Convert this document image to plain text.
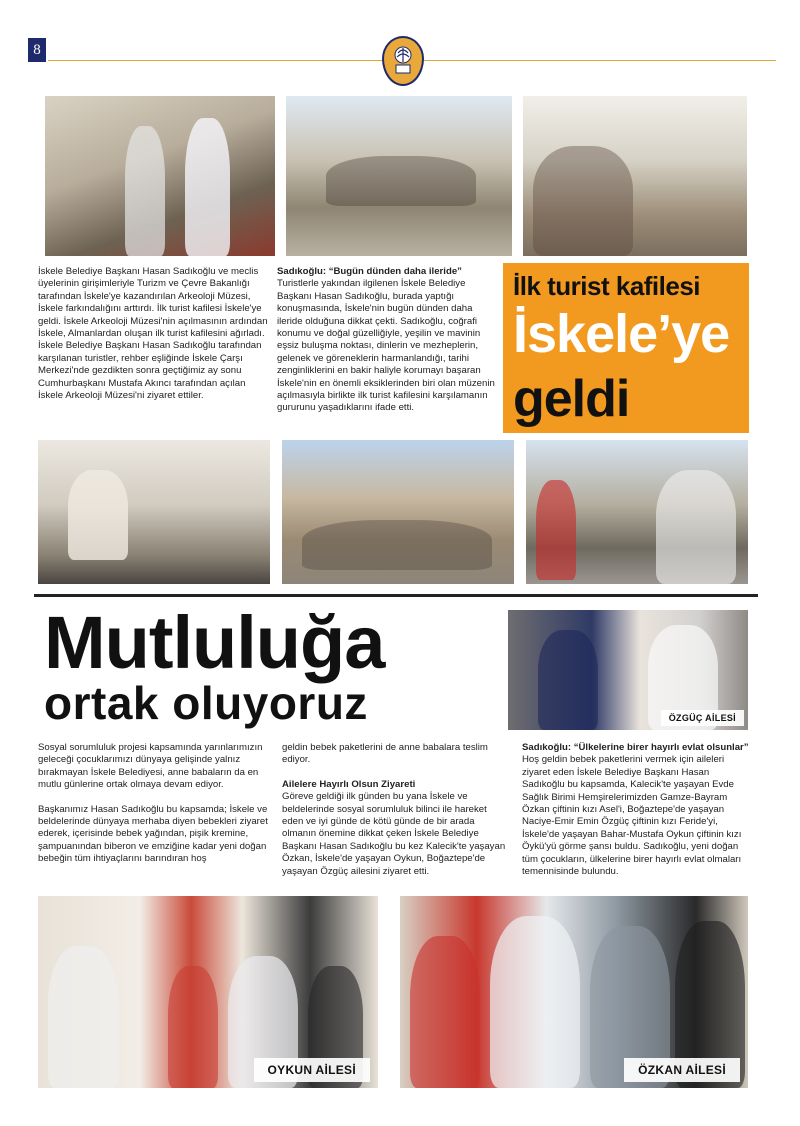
8
İskele Belediye Başkanı Hasan Sadıkoğlu ve meclis üyelerinin girişimleriyle Turizm ve Çevre Bakanlığı tarafından İskele'ye kazandırılan Arkeoloji Müzesi, İskele farkındalığını arttırdı. İlk turist kafilesi İskele'ye geldi. İskele Arkeoloji Müzesi'nin açılmasının ardından İskele, Almanlardan oluşan ilk turist kafilesini ağırladı. İskele Belediye Başkanı Hasan Sadıkoğlu tarafından karşılanan turistler, rehber eşliğinde İskele Çarşı Merkezi'nde gezdikten sonra geçtiğimiz ay sonu Cumhurbaşkanı Mustafa Akıncı tarafından açılan İskele Arkeoloji Müzesi'ni ziyaret ettiler.
Sadıkoğlu: “Bugün dünden daha ileride”
Turistlerle yakından ilgilenen İskele Belediye Başkanı Hasan Sadıkoğlu, burada yaptığı konuşmasında, İskele'nin bugün dünden daha ileride olduğuna dikkat çekti. Sadıkoğlu, coğrafi konumu ve doğal güzelliğiyle, yeşilin ve mavinin eşsiz buluşma noktası, dinlerin ve mezheplerin, gelenek ve göreneklerin harmanlandığı, tarihi zenginliklerini en bakir haliyle korumayı başaran İskele'nin en önemli eksiklerinden biri olan müzenin açılmasıyla birlikte ilk turist kafilesini karşılamanın gururunu yaşadıklarını ifade etti.
İlk turist kafilesi
İskele’ye
geldi
Mutluluğa
ortak oluyoruz	ÖZGÜÇ AİLESİ
Sosyal sorumluluk projesi kapsamında yarınlarımızın geleceği çocuklarımızı dünyaya gelişinde yalnız bırakmayan İskele Belediyesi, anne babaların da en mutlu günlerine ortak olmaya devam ediyor.
Başkanımız Hasan Sadıkoğlu bu kapsamda; İskele ve beldelerinde dünyaya merhaba diyen bebekleri ziyaret ederek, içerisinde bebek yağından, pişik kremine, şampuanından biberon ve emziğine kadar yeni doğan bebeğin tüm ihtiyaçlarını barındıran hoş
geldin bebek paketlerini de anne babalara teslim ediyor.
Ailelere Hayırlı Olsun Ziyareti
Göreve geldiği ilk günden bu yana İskele ve beldelerinde sosyal sorumluluk bilinci ile hareket eden ve iyi günde de kötü günde de bir arada olmanın önemine dikkat çeken İskele Belediye Başkanı Hasan Sadıkoğlu bu kez Kalecik'te yaşayan Özkan, İskele'de yaşayan Oykun, Boğaztepe'de yaşayan Özgüç ailesini ziyaret etti.
Sadıkoğlu: “Ülkelerine birer hayırlı evlat olsunlar”
Hoş geldin bebek paketlerini vermek için aileleri ziyaret eden İskele Belediye Başkanı Hasan Sadıkoğlu bu kapsamda, Kalecik'te yaşayan Evde Sağlık Birimi Hemşirelerimizden Gamze-Bayram Özkan çiftinin kızı Asel'i, Boğaztepe'de yaşayan Naciye-Emir Emin Özgüç çiftinin kızı Feride'yi, İskele'de yaşayan Bahar-Mustafa Oykun çiftinin kızı Öykü'yü görme şansı buldu. Sadıkoğlu, yeni doğan tüm çocukların, ülkelerine birer hayırlı evlat olmaları temennisinde bulundu.
OYKUN AİLESİ	ÖZKAN AİLESİ
